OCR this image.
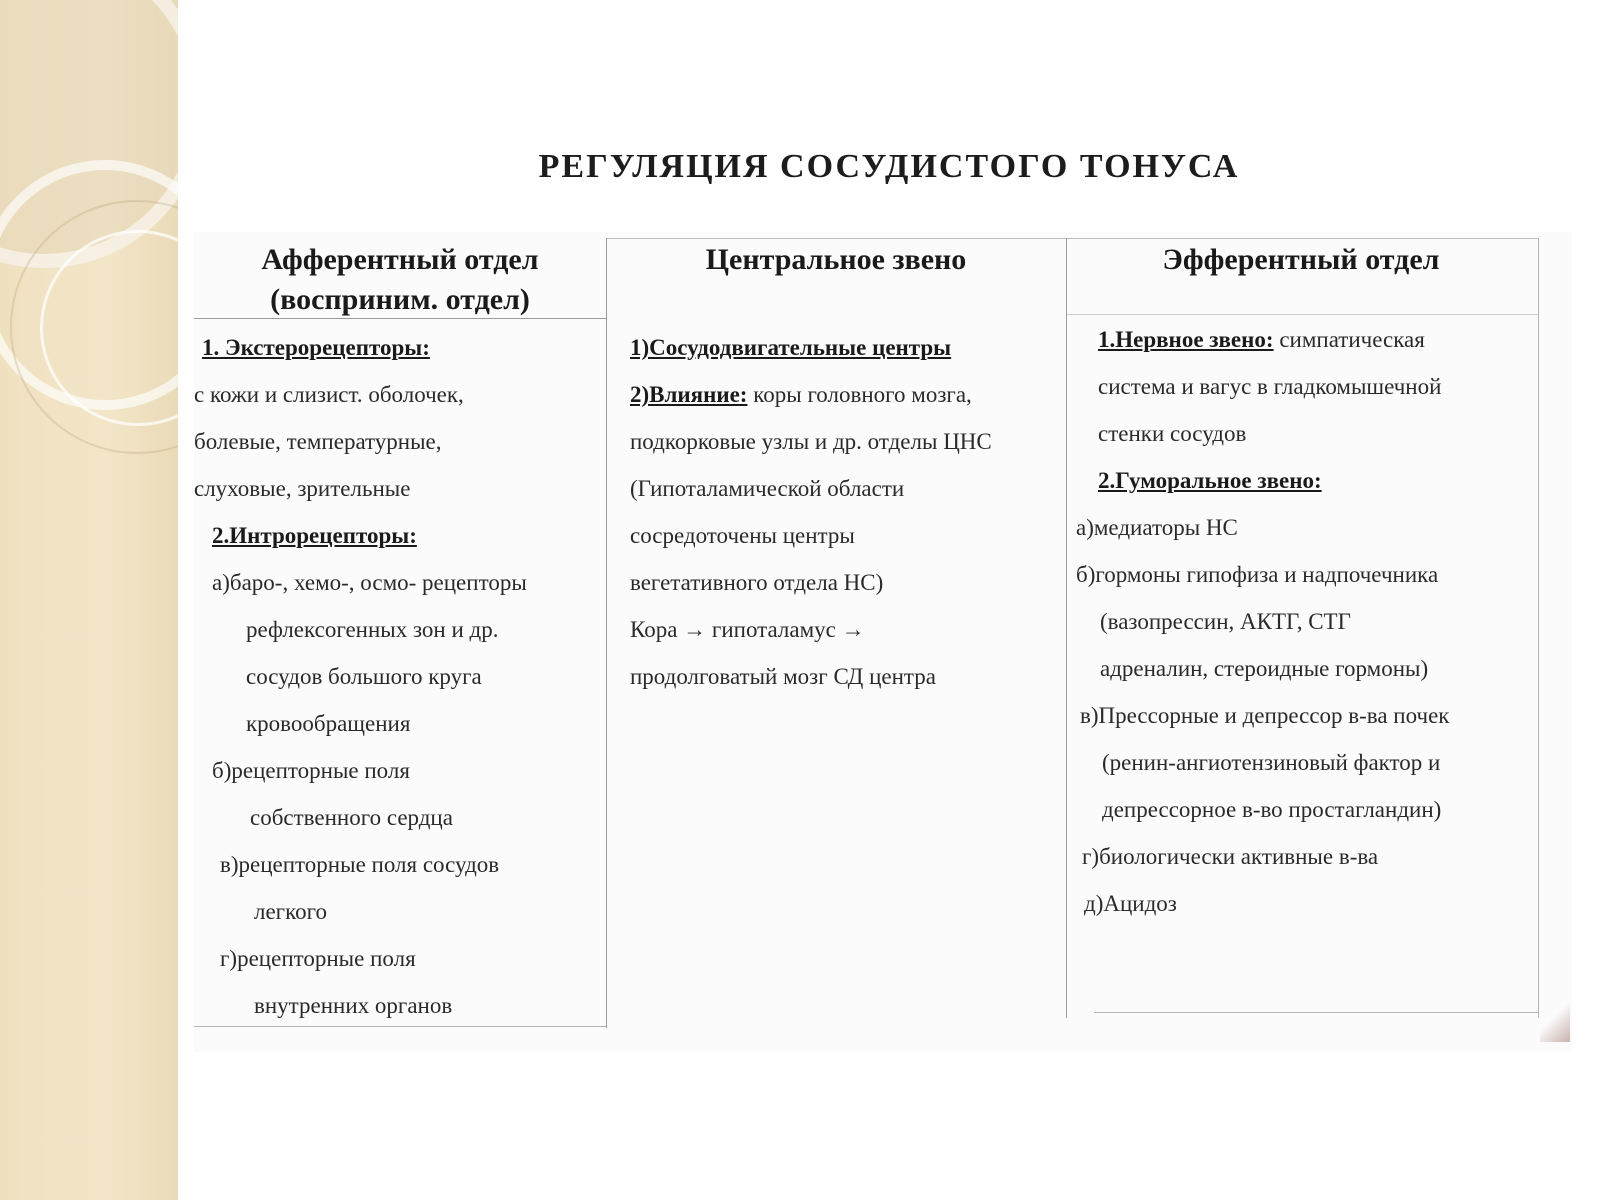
РЕГУЛЯЦИЯ СОСУДИСТОГО ТОНУСА
Афферентный отдел
(восприним. отдел)
1. Экстерорецепторы:
с кожи и слизист. оболочек,
болевые, температурные,
слуховые, зрительные
2.Интрорецепторы:
а)баро-, хемо-, осмо- рецепторы
рефлексогенных зон и др.
сосудов большого круга
кровообращения
б)рецепторные поля
собственного сердца
в)рецепторные поля сосудов
легкого
г)рецепторные поля
внутренних органов
Центральное звено
1)Сосудодвигательные центры
2)Влияние: коры головного мозга,
подкорковые узлы и др. отделы ЦНС
(Гипоталамической области
сосредоточены центры
вегетативного отдела НС)
Кора → гипоталамус →
продолговатый мозг СД центра
Эфферентный отдел
1.Нервное звено: симпатическая
система и вагус в гладкомышечной
стенки сосудов
2.Гуморальное звено:
а)медиаторы НС
б)гормоны гипофиза и надпочечника
(вазопрессин, АКТГ, СТГ
адреналин, стероидные гормоны)
в)Прессорные и депрессор в-ва почек
(ренин-ангиотензиновый фактор и
депрессорное в-во простагландин)
г)биологически активные в-ва
д)Ацидоз
